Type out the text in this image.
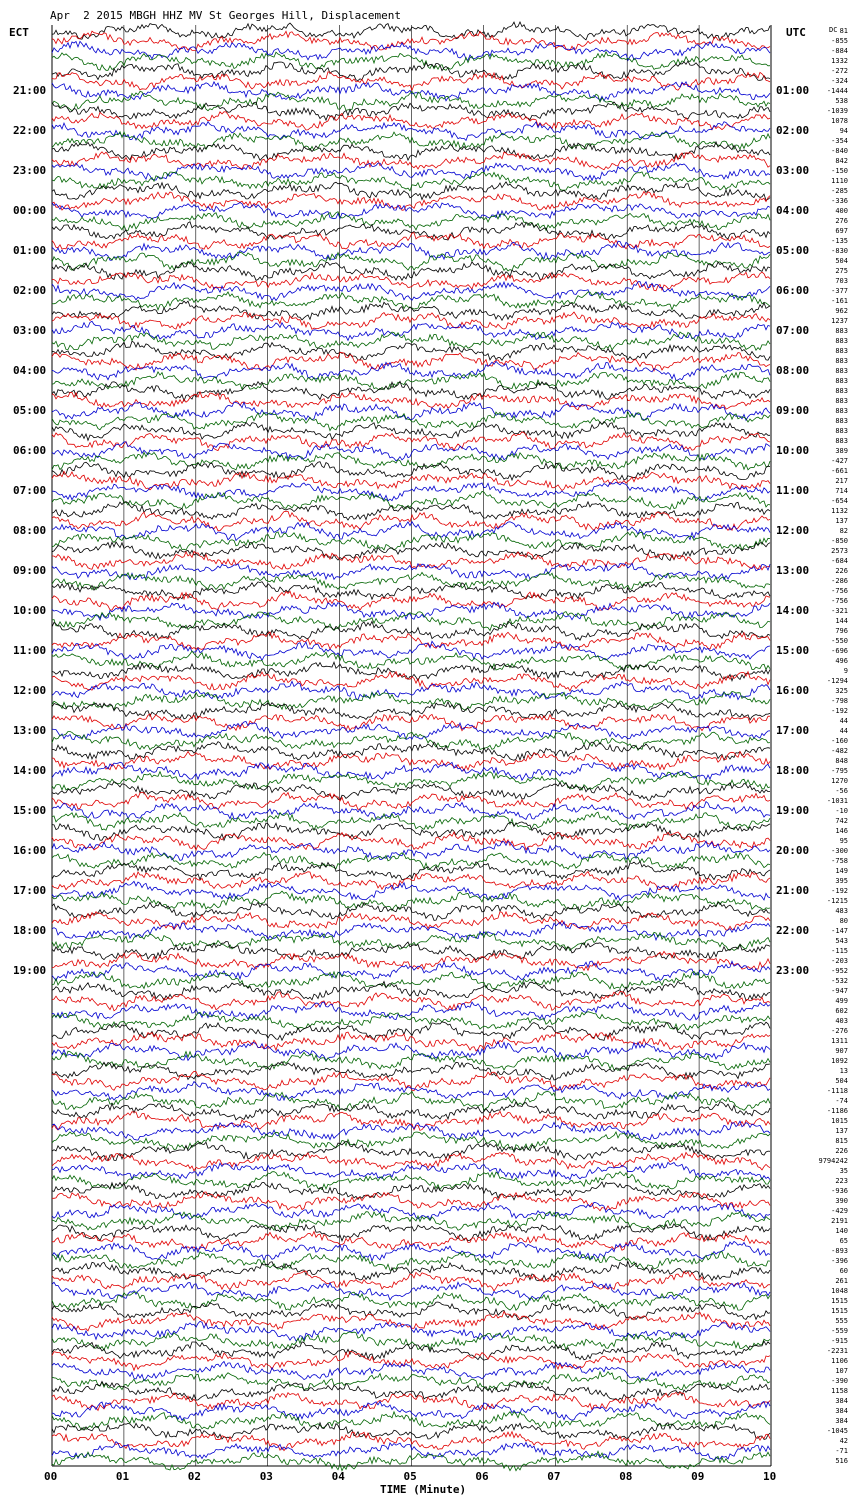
Apr  2 2015 MBGH HHZ MV St Georges Hill, Displacement
ECT	UTC	DC 81
-855
-884
1332
-272
-324
-1444
538
-1039
1078
94
-354
-840
842
-150
1110
-285
-336
400
276
697
-135
-830
504
275
703
-377
-161
962
1237
883
883
883
883
883
883
883
883
883
883
883
883
389
-427
-661
217
714
-654
1132
137
82
-850
2573
-684
226
-286
-756
-756
-321
144
796
-550
-696
496
9
-1294
325
-798
-192
44
44
-160
-482
848
-795
1270
-56
-1031
-10
742
146
95
-300
-758
149
395
-192
-1215
483
80
-147
543
-115
-203
-952
-532
-947
499
602
403
-276
1311
907
1092
13
504
-1118
-74
-1186
1015
137
815
226
9794242
35
223
-936
390
-429
2191
140
65
-893
-396
60
261
1048
1515
1515
555
-559
-915
-2231
1106
107
-390
1158
384
384
384
-1045
42
-71
516
21:00	01:00
22:00	02:00
23:00	03:00
00:00	04:00
01:00	05:00
02:00	06:00
03:00	07:00
04:00	08:00
05:00	09:00
06:00	10:00
07:00	11:00
08:00	12:00
09:00	13:00
10:00	14:00
11:00	15:00
12:00	16:00
13:00	17:00
14:00	18:00
15:00	19:00
16:00	20:00
17:00	21:00
18:00	22:00
19:00	23:00
00	01	02	03	04	05	06	07	08	09	10
TIME (Minute)
